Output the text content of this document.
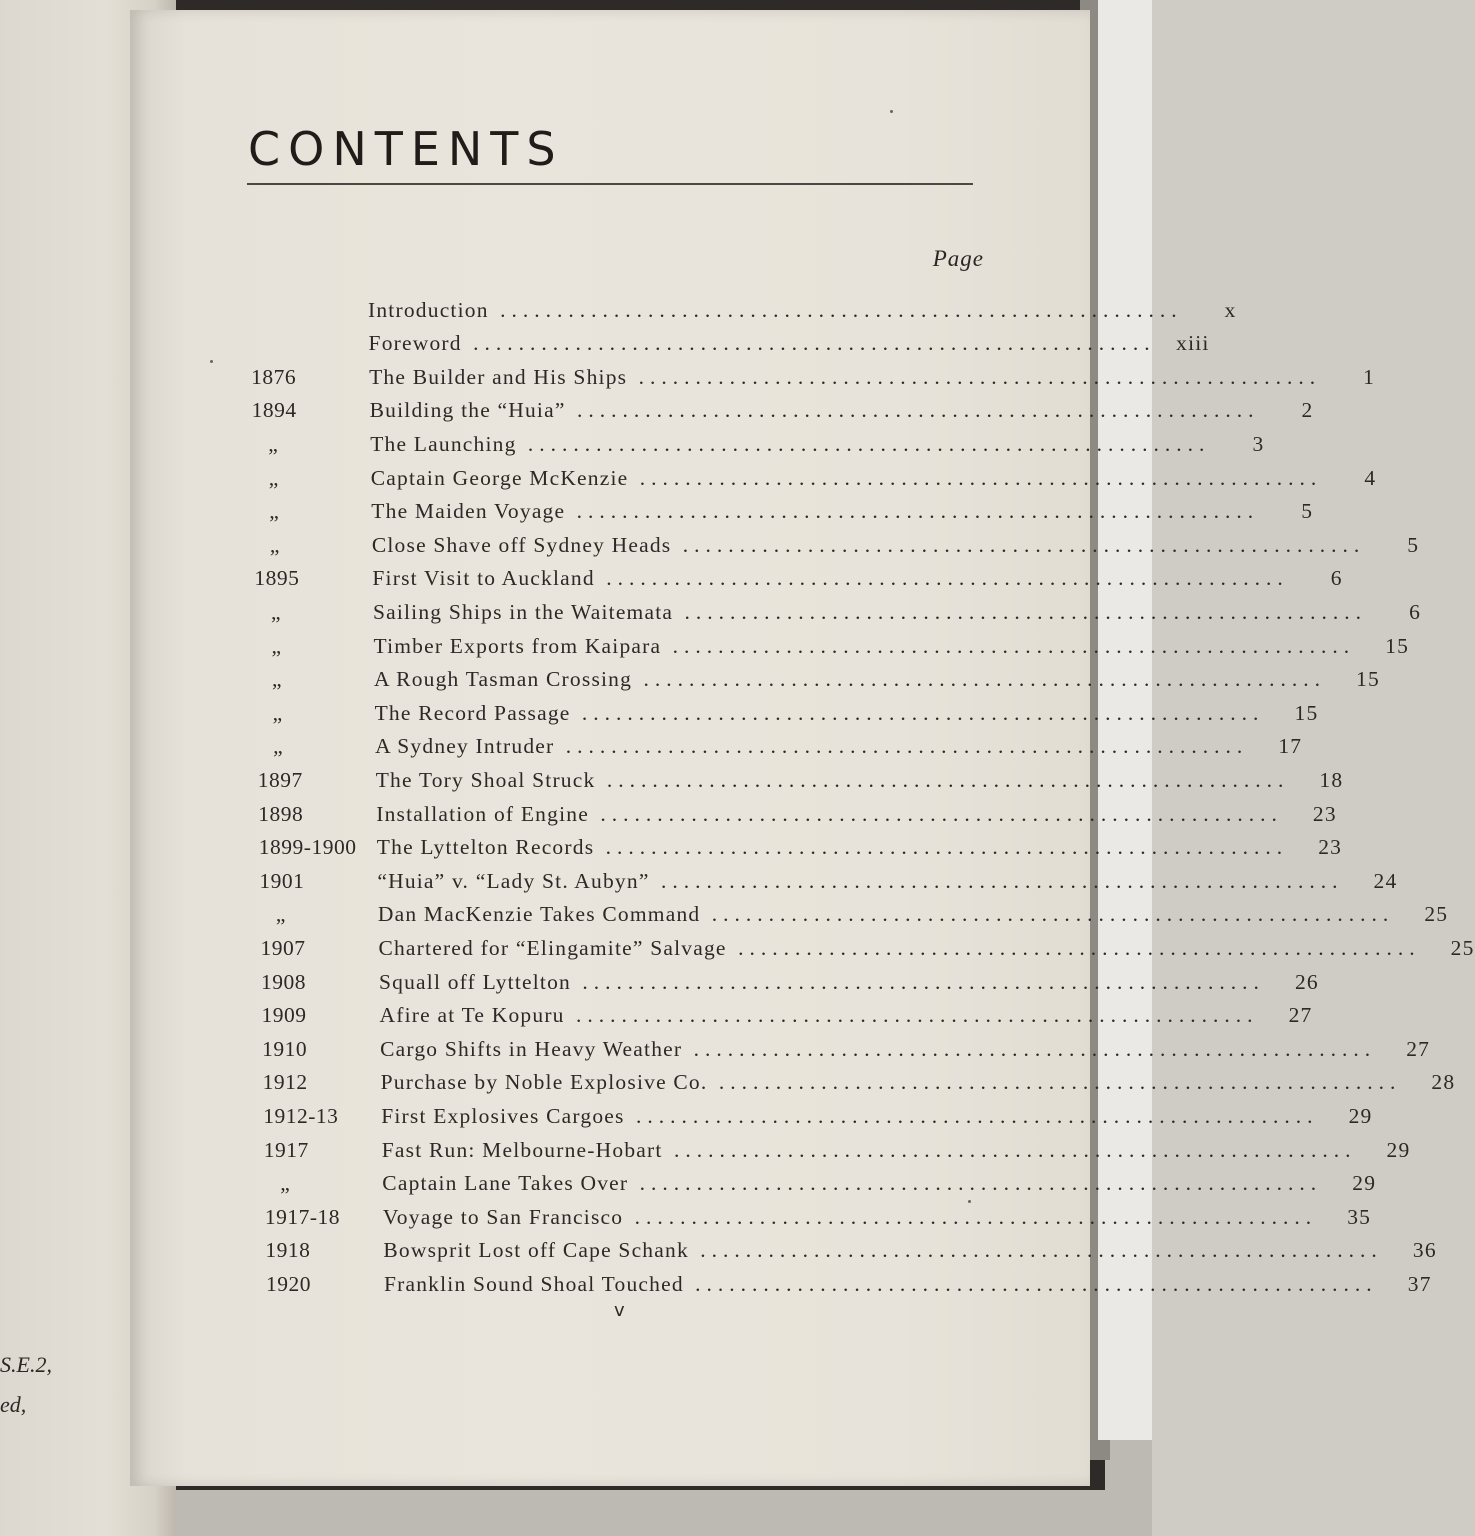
S.E.2,
ed,
CONTENTS
Page
Introduction ............................................................	x
Foreword ............................................................ xiii
1876	The Builder and His Ships ............................................................	1
1894	Building the “Huia” ............................................................	2
„	The Launching ............................................................	3
„	Captain George McKenzie ............................................................	4
„	The Maiden Voyage ............................................................	5
„	Close Shave off Sydney Heads ............................................................	5
1895	First Visit to Auckland ............................................................	6
„	Sailing Ships in the Waitemata ............................................................	6
„	Timber Exports from Kaipara ............................................................	15
„	A Rough Tasman Crossing ............................................................	15
„	The Record Passage ............................................................	15
„	A Sydney Intruder ............................................................	17
1897	The Tory Shoal Struck ............................................................	18
1898	Installation of Engine ............................................................	23
1899-1900 The Lyttelton Records ............................................................	23
1901	“Huia” v. “Lady St. Aubyn” ............................................................	24
„	Dan MacKenzie Takes Command ............................................................	25
1907	Chartered for “Elingamite” Salvage ............................................................	25
1908	Squall off Lyttelton ............................................................	26
1909	Afire at Te Kopuru ............................................................	27
1910	Cargo Shifts in Heavy Weather ............................................................	27
1912	Purchase by Noble Explosive Co. ............................................................	28
1912-13	First Explosives Cargoes ............................................................	29
1917	Fast Run: Melbourne-Hobart ............................................................	29
„	Captain Lane Takes Over ............................................................	29
1917-18	Voyage to San Francisco ............................................................	35
1918	Bowsprit Lost off Cape Schank ............................................................	36
1920	Franklin Sound Shoal Touched ............................................................	37
v
